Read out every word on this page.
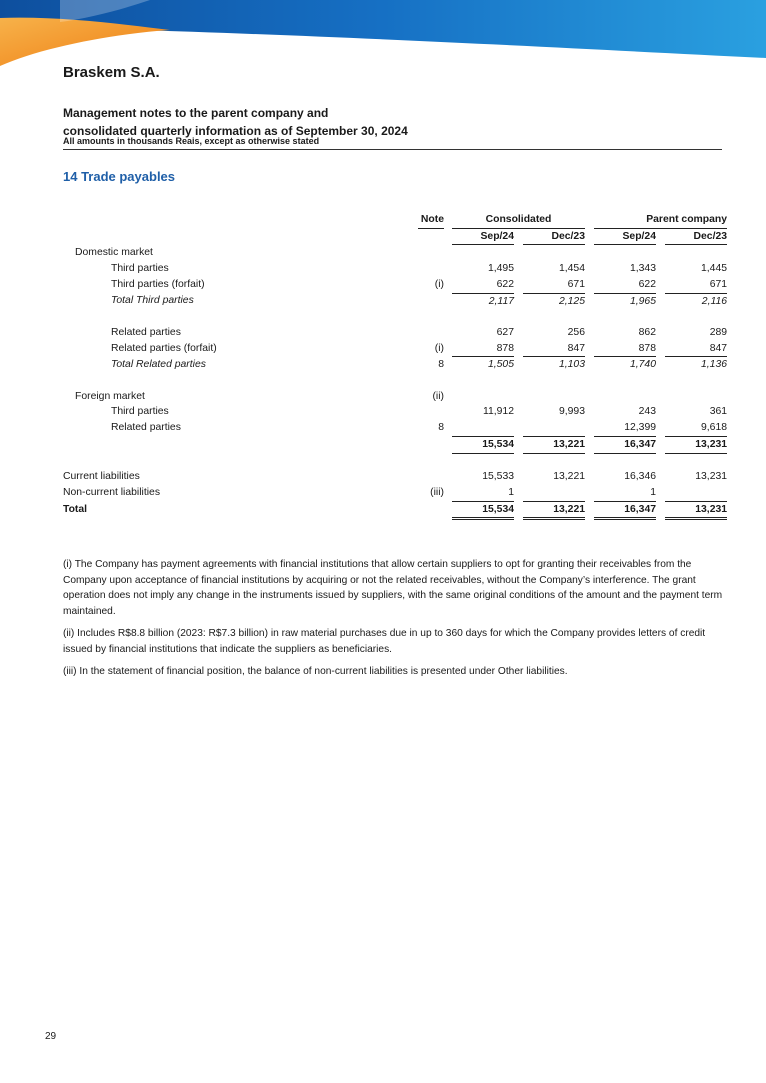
Braskem S.A.
Management notes to the parent company and
consolidated quarterly information as of September 30, 2024
All amounts in thousands Reais, except as otherwise stated
14 Trade payables
	Note		Consolidated				Parent company		
			Sep/24		Dec/23		Sep/24		Dec/23
Domestic market									
Third parties			1,495		1,454		1,343		1,445
Third parties (forfait)	(i)		622		671		622		671
Total Third parties			2,117		2,125		1,965		2,116

Related parties			627		256		862		289
Related parties (forfait)	(i)		878		847		878		847
Total Related parties	8		1,505		1,103		1,740		1,136

Foreign market	(ii)								
Third parties			11,912		9,993		243		361
Related parties	8						12,399		9,618
			15,534		13,221		16,347		13,231

Current liabilities			15,533		13,221		16,346		13,231
Non-current liabilities	(iii)		1				1		
Total			15,534		13,221		16,347		13,231

(i) The Company has payment agreements with financial institutions that allow certain suppliers to opt for granting their receivables from the Company upon acceptance of financial institutions by acquiring or not the related receivables, without the Company’s interference. The grant operation does not imply any change in the instruments issued by suppliers, with the same original conditions of the amount and the payment term maintained.

(ii) Includes R$8.8 billion (2023: R$7.3 billion) in raw material purchases due in up to 360 days for which the Company provides letters of credit issued by financial institutions that indicate the suppliers as beneficiaries.

(iii) In the statement of financial position, the balance of non-current liabilities is presented under Other liabilities.

29
